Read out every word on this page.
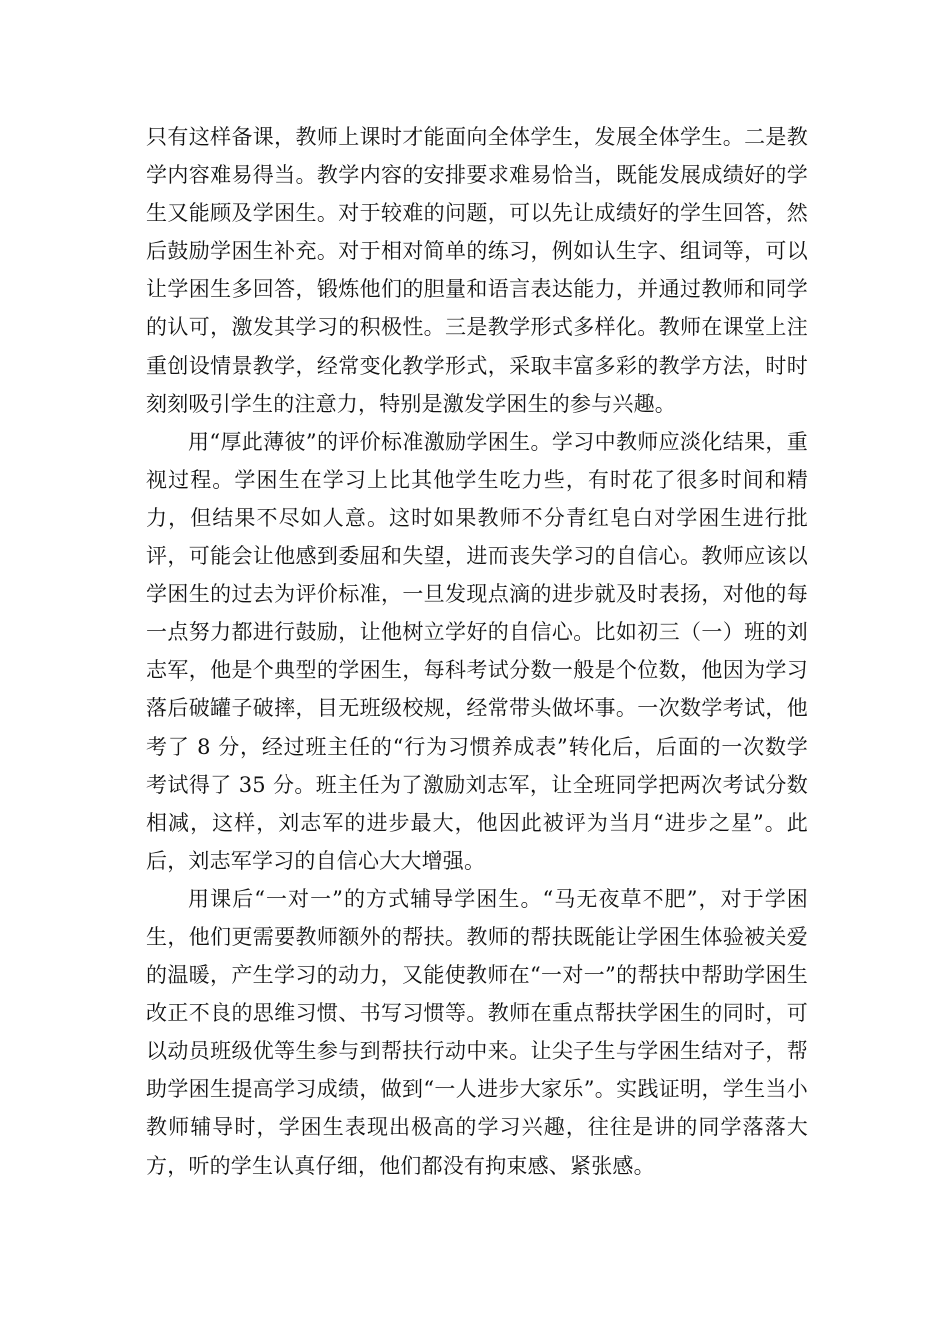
只有这样备课，教师上课时才能面向全体学生，发展全体学生。二是教学内容难易得当。教学内容的安排要求难易恰当，既能发展成绩好的学生又能顾及学困生。对于较难的问题，可以先让成绩好的学生回答，然后鼓励学困生补充。对于相对简单的练习，例如认生字、组词等，可以让学困生多回答，锻炼他们的胆量和语言表达能力，并通过教师和同学的认可，激发其学习的积极性。三是教学形式多样化。教师在课堂上注重创设情景教学，经常变化教学形式，采取丰富多彩的教学方法，时时刻刻吸引学生的注意力，特别是激发学困生的参与兴趣。

用“厚此薄彼”的评价标准激励学困生。学习中教师应淡化结果，重视过程。学困生在学习上比其他学生吃力些，有时花了很多时间和精力，但结果不尽如人意。这时如果教师不分青红皂白对学困生进行批评，可能会让他感到委屈和失望，进而丧失学习的自信心。教师应该以学困生的过去为评价标准，一旦发现点滴的进步就及时表扬，对他的每一点努力都进行鼓励，让他树立学好的自信心。比如初三（一）班的刘志军，他是个典型的学困生，每科考试分数一般是个位数，他因为学习落后破罐子破摔，目无班级校规，经常带头做坏事。一次数学考试，他考了 8 分，经过班主任的“行为习惯养成表”转化后，后面的一次数学考试得了 35 分。班主任为了激励刘志军，让全班同学把两次考试分数相减，这样，刘志军的进步最大，他因此被评为当月“进步之星”。此后，刘志军学习的自信心大大增强。

用课后“一对一”的方式辅导学困生。“马无夜草不肥”，对于学困生，他们更需要教师额外的帮扶。教师的帮扶既能让学困生体验被关爱的温暖，产生学习的动力，又能使教师在“一对一”的帮扶中帮助学困生改正不良的思维习惯、书写习惯等。教师在重点帮扶学困生的同时，可以动员班级优等生参与到帮扶行动中来。让尖子生与学困生结对子，帮助学困生提高学习成绩，做到“一人进步大家乐”。实践证明，学生当小教师辅导时，学困生表现出极高的学习兴趣，往往是讲的同学落落大方，听的学生认真仔细，他们都没有拘束感、紧张感。
